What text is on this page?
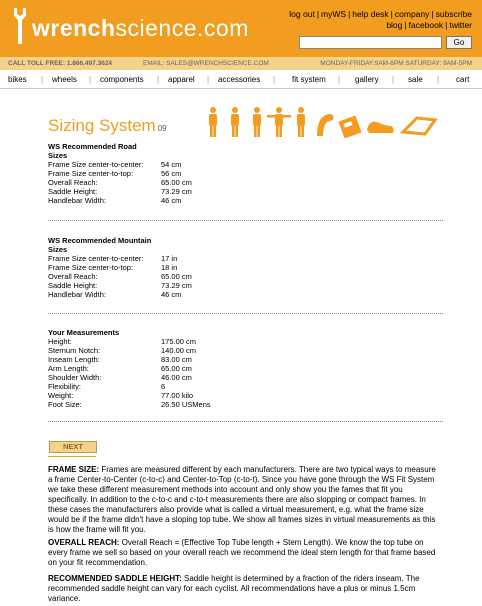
wrenchscience.com
log out | myWS | help desk | company | subscribe
blog | facebook | twitter
Go
CALL TOLL FREE: 1.866.497.3624	EMAIL: SALES@WRENCHSCIENCE.COM	MONDAY-FRIDAY:9AM-6PM SATURDAY: 9AM-5PM
bikes | wheels | components | apparel | accessories | fit system | gallery | sale | cart
Sizing System 09
WS Recommended Road
Sizes
Frame Size center-to-center:	54 cm
Frame Size center-to-top:	56 cm
Overall Reach:	65.00 cm
Saddle Height:	73.29 cm
Handlebar Width:	46 cm
WS Recommended Mountain
Sizes
Frame Size center-to-center:	17 in
Frame Size center-to-top:	18 in
Overall Reach:	65.00 cm
Saddle Height:	73.29 cm
Handlebar Width:	46 cm
Your Measurements
Height:	175.00 cm
Sternum Notch:	140.00 cm
Inseam Length:	83.00 cm
Arm Length:	65.00 cm
Shoulder Width:	46.00 cm
Flexibility:	6
Weight:	77.00 kilo
Foot Size:	26.50 USMens
NEXT

FRAME SIZE: Frames are measured different by each manufacturers. There are two typical ways to measure a frame Center-to-Center (c-to-c) and Center-to-Top (c-to-t). Since you have gone through the WS Fit System we take these different measurement methods into account and only show you the fames that fit you specifically. In addition to the c-to-c and c-to-t measurements there are also slopping or compact frames. In these cases the manufacturers also provide what is called a virtual measurement, e.g. what the frame size would be if the frame didn't have a sloping top tube. We show all frames sizes in virtual measurements as this is how the frame will fit you.

OVERALL REACH: Overall Reach = (Effective Top Tube length + Stem Length). We know the top tube on every frame we sell so based on your overall reach we recommend the ideal stem length for that frame based on your fit recommendation.

RECOMMENDED SADDLE HEIGHT: Saddle height is determined by a fraction of the riders inseam. The recommended saddle height can vary for each cyclist. All recommendations have a plus or minus 1.5cm variance.
